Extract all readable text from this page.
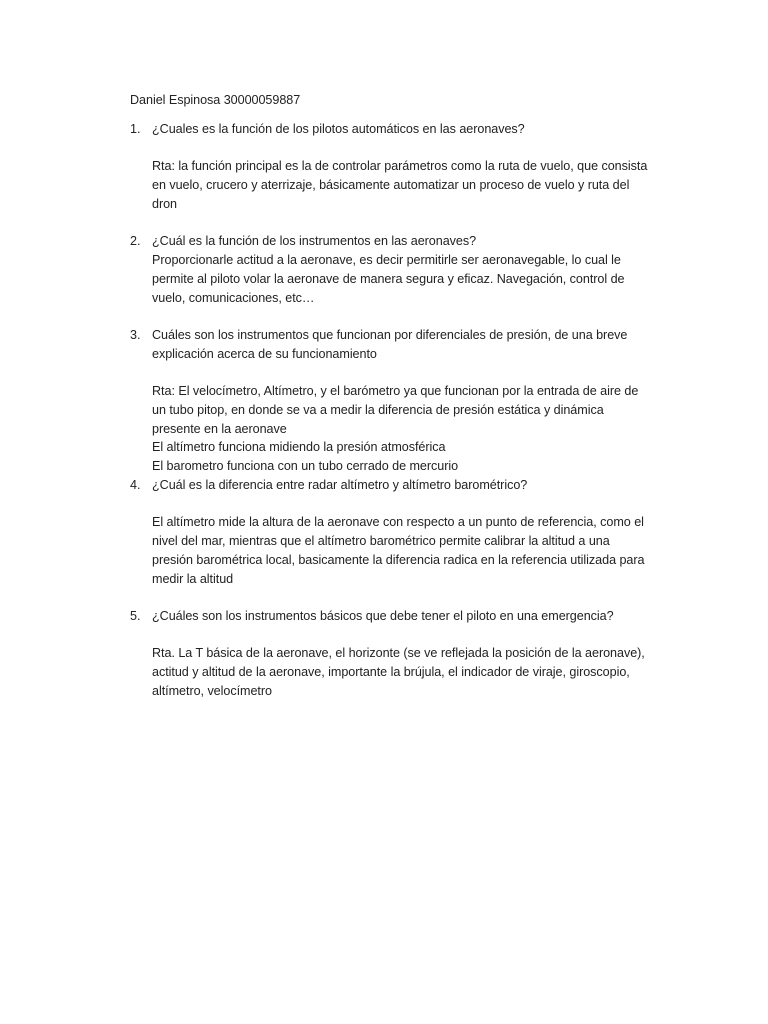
Daniel Espinosa 30000059887
1. ¿Cuales es la función de los pilotos automáticos en las aeronaves?
Rta: la función principal es la de controlar parámetros como la ruta de vuelo, que consista
en vuelo, crucero y aterrizaje, básicamente automatizar un proceso de vuelo y ruta del
dron
2. ¿Cuál es la función de los instrumentos en las aeronaves?
Proporcionarle actitud a la aeronave, es decir permitirle ser aeronavegable, lo cual le
permite al piloto volar la aeronave de manera segura y eficaz. Navegación, control de
vuelo, comunicaciones, etc…
3. Cuáles son los instrumentos que funcionan por diferenciales de presión, de una breve
explicación acerca de su funcionamiento
Rta: El velocímetro, Altímetro, y el barómetro ya que funcionan por la entrada de aire de
un tubo pitop, en donde se va a medir la diferencia de presión estática y dinámica
presente en la aeronave
El altímetro funciona midiendo la presión atmosférica
El barometro funciona con un tubo cerrado de mercurio
4. ¿Cuál es la diferencia entre radar altímetro y altímetro barométrico?
El altímetro mide la altura de la aeronave con respecto a un punto de referencia, como el
nivel del mar, mientras que el altímetro barométrico permite calibrar la altitud a una
presión barométrica local, basicamente la diferencia radica en la referencia utilizada para
medir la altitud
5. ¿Cuáles son los instrumentos básicos que debe tener el piloto en una emergencia?
Rta. La T básica de la aeronave, el horizonte (se ve reflejada la posición de la aeronave),
actitud y altitud de la aeronave, importante la brújula, el indicador de viraje, giroscopio,
altímetro, velocímetro
